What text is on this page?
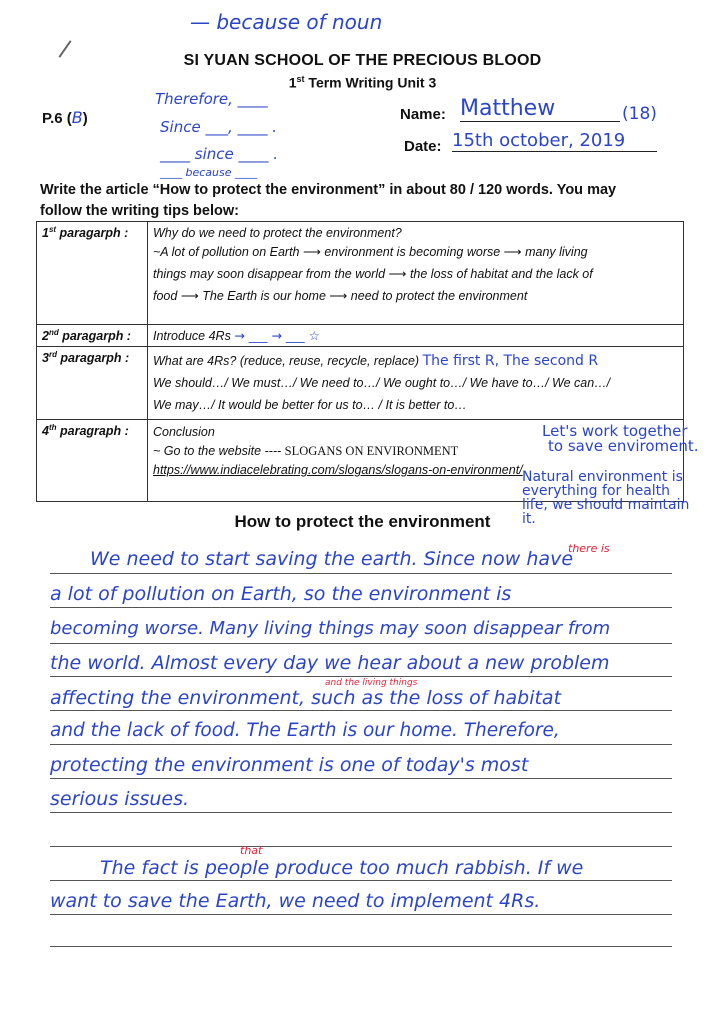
— because of noun
SI YUAN SCHOOL OF THE PRECIOUS BLOOD
1st Term Writing Unit 3
P.6 (B)
Therefore, ____
Since ___, ____ .
____ since ____ .
____ because ____
Name: Matthew	(18)
Date: 15th october, 2019
Write the article “How to protect the environment” in about 80 / 120 words. You may
follow the writing tips below:
1st paragarph :	Why do we need to protect the environment?
~A lot of pollution on Earth ⟶ environment is becoming worse ⟶ many living
things may soon disappear from the world ⟶ the loss of habitat and the lack of
food ⟶ The Earth is our home ⟶ need to protect the environment

2nd paragarph :	Introduce 4Rs → ___ → ___ ☆
3rd paragarph :	What are 4Rs? (reduce, reuse, recycle, replace) The first R, The second R
We should…/ We must…/ We need to…/ We ought to…/ We have to…/ We can…/
We may…/ It would be better for us to… / It is better to…

4th paragraph :	Conclusion
~ Go to the website ---- SLOGANS ON ENVIRONMENT
https://www.indiacelebrating.com/slogans/slogans-on-environment/
Let's work together
to save enviroment.
Natural environment is
everything for health
life, we should maintain
it.
How to protect the environment
We need to start saving the earth. Since now have
there is
a lot of pollution on Earth, so the environment is
becoming worse. Many living things may soon disappear from
the world. Almost every day we hear about a new problem
and the living things
affecting the environment, such as the loss of habitat
and the lack of food. The Earth is our home. Therefore,
protecting the environment is one of today's most
serious issues.
that
The fact is people produce too much rabbish. If we
want to save the Earth, we need to implement 4Rs.
